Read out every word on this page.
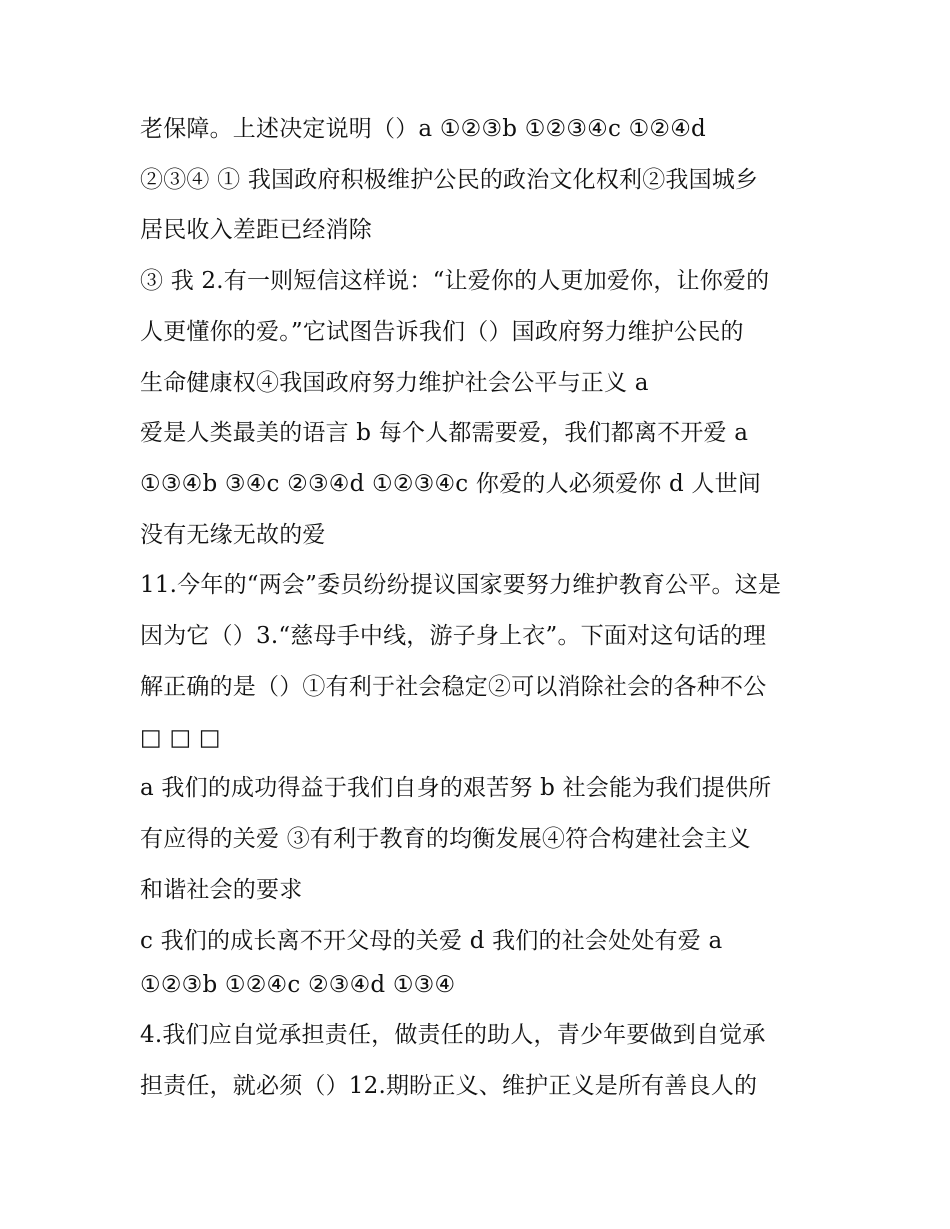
老保障。上述决定说明（）a ①②③b ①②③④c ①②④d

②③④ ① 我国政府积极维护公民的政治文化权利②我国城乡

居民收入差距已经消除

③ 我 2.有一则短信这样说：“让爱你的人更加爱你，让你爱的

人更懂你的爱。”它试图告诉我们（）国政府努力维护公民的

生命健康权④我国政府努力维护社会公平与正义 a

爱是人类最美的语言 b 每个人都需要爱，我们都离不开爱 a

①③④b ③④c ②③④d ①②③④c 你爱的人必须爱你 d 人世间

没有无缘无故的爱

11.今年的“两会”委员纷纷提议国家要努力维护教育公平。这是

因为它（）3.“慈母手中线，游子身上衣”。下面对这句话的理

解正确的是（）①有利于社会稳定②可以消除社会的各种不公

□ □ □

a 我们的成功得益于我们自身的艰苦努 b 社会能为我们提供所

有应得的关爱 ③有利于教育的均衡发展④符合构建社会主义

和谐社会的要求

c 我们的成长离不开父母的关爱 d 我们的社会处处有爱 a

①②③b ①②④c ②③④d ①③④

4.我们应自觉承担责任，做责任的助人，青少年要做到自觉承

担责任，就必须（）12.期盼正义、维护正义是所有善良人的
